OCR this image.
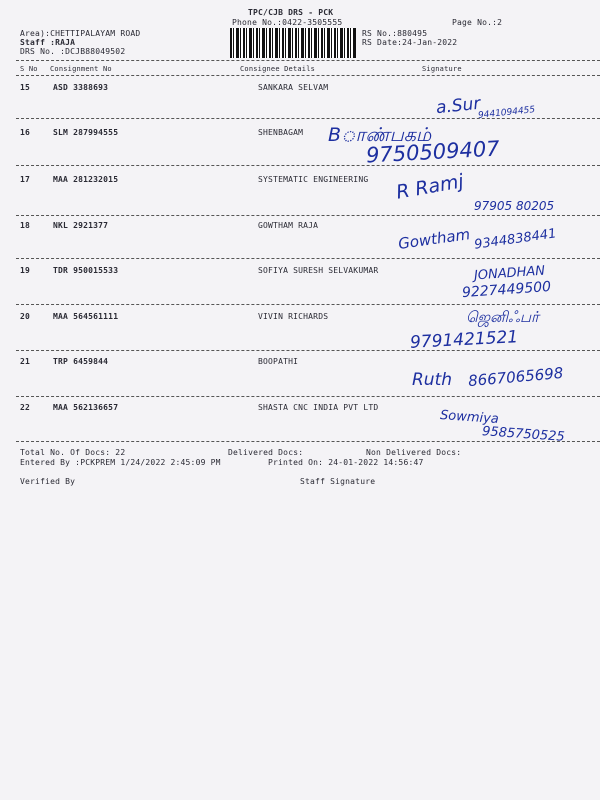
TPC/CJB DRS - PCK
Phone No.:0422-3505555	Page No.:2
Area):CHETTIPALAYAM ROAD
Staff :RAJA
DRS No. :DCJB88049502
RS No.:880495
RS Date:24-Jan-2022
S No Consignment No	Consignee Details	Signature
15	ASD 3388693	SANKARA SELVAM
a.Sur
9441094455
16	SLM 287994555	SHENBAGAM Bாண்பகம்
9750509407
17	MAA 281232015	SYSTEMATIC ENGINEERING R Ramj
97905 80205
18	NKL 2921377	GOWTHAM RAJA	Gowtham 9344838441
19	TDR 950015533	SOFIYA SURESH SELVAKUMAR	JONADHAN
9227449500
20	MAA 564561111	VIVIN RICHARDS	ஜெனிஃபர்
9791421521
21	TRP 6459844	BOOPATHI
Ruth 8667065698
22	MAA 562136657	SHASTA CNC INDIA PVT LTD
Sowmiya
9585750525
Total No. Of Docs: 22	Delivered Docs:	Non Delivered Docs:
Entered By :PCKPREM 1/24/2022 2:45:09 PM	Printed On: 24-01-2022 14:56:47
Verified By	Staff Signature
